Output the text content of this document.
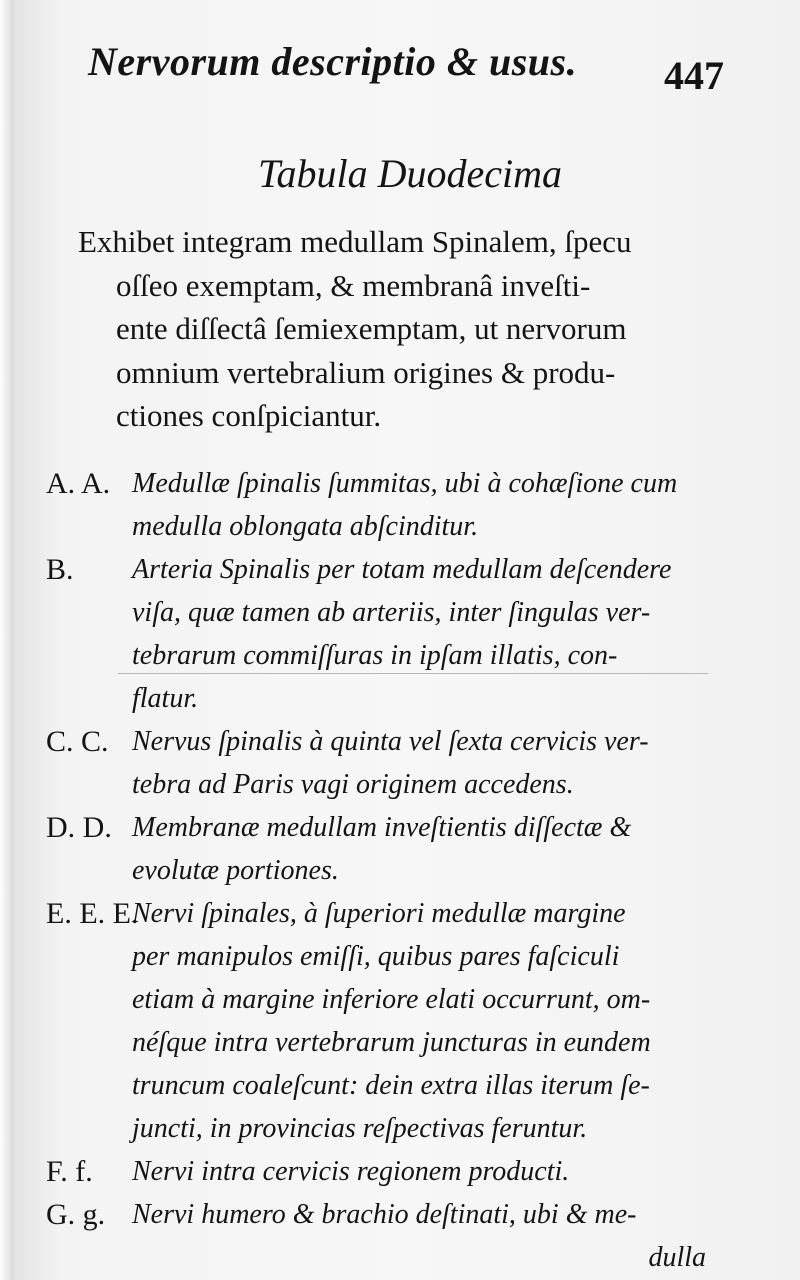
Nervorum descriptio & usus. 447
Tabula Duodecima
Exhibet integram medullam Spinalem, ſpecu
oſſeo exemptam, & membranâ inveſti-
ente diſſectâ ſemiexemptam, ut nervorum
omnium vertebralium origines & produ-
ctiones conſpiciantur.
A. A. Medullæ ſpinalis ſummitas, ubi à cohæſione cum
medulla oblongata abſcinditur.
B. Arteria Spinalis per totam medullam deſcendere
viſa, quæ tamen ab arteriis, inter ſingulas ver-
tebrarum commiſſuras in ipſam illatis, con-
flatur.
C. C. Nervus ſpinalis à quinta vel ſexta cervicis ver-
tebra ad Paris vagi originem accedens.
D. D. Membranæ medullam inveſtientis diſſectæ &
evolutæ portiones.
E. E. E.
Nervi ſpinales, à ſuperiori medullæ margine
per manipulos emiſſi, quibus pares faſciculi
etiam à margine inferiore elati occurrunt, om-
néſque intra vertebrarum juncturas in eundem
truncum coaleſcunt: dein extra illas iterum ſe-
juncti, in provincias reſpectivas feruntur.
F. f. Nervi intra cervicis regionem producti.
G. g. Nervi humero & brachio deſtinati, ubi & me-
dulla
